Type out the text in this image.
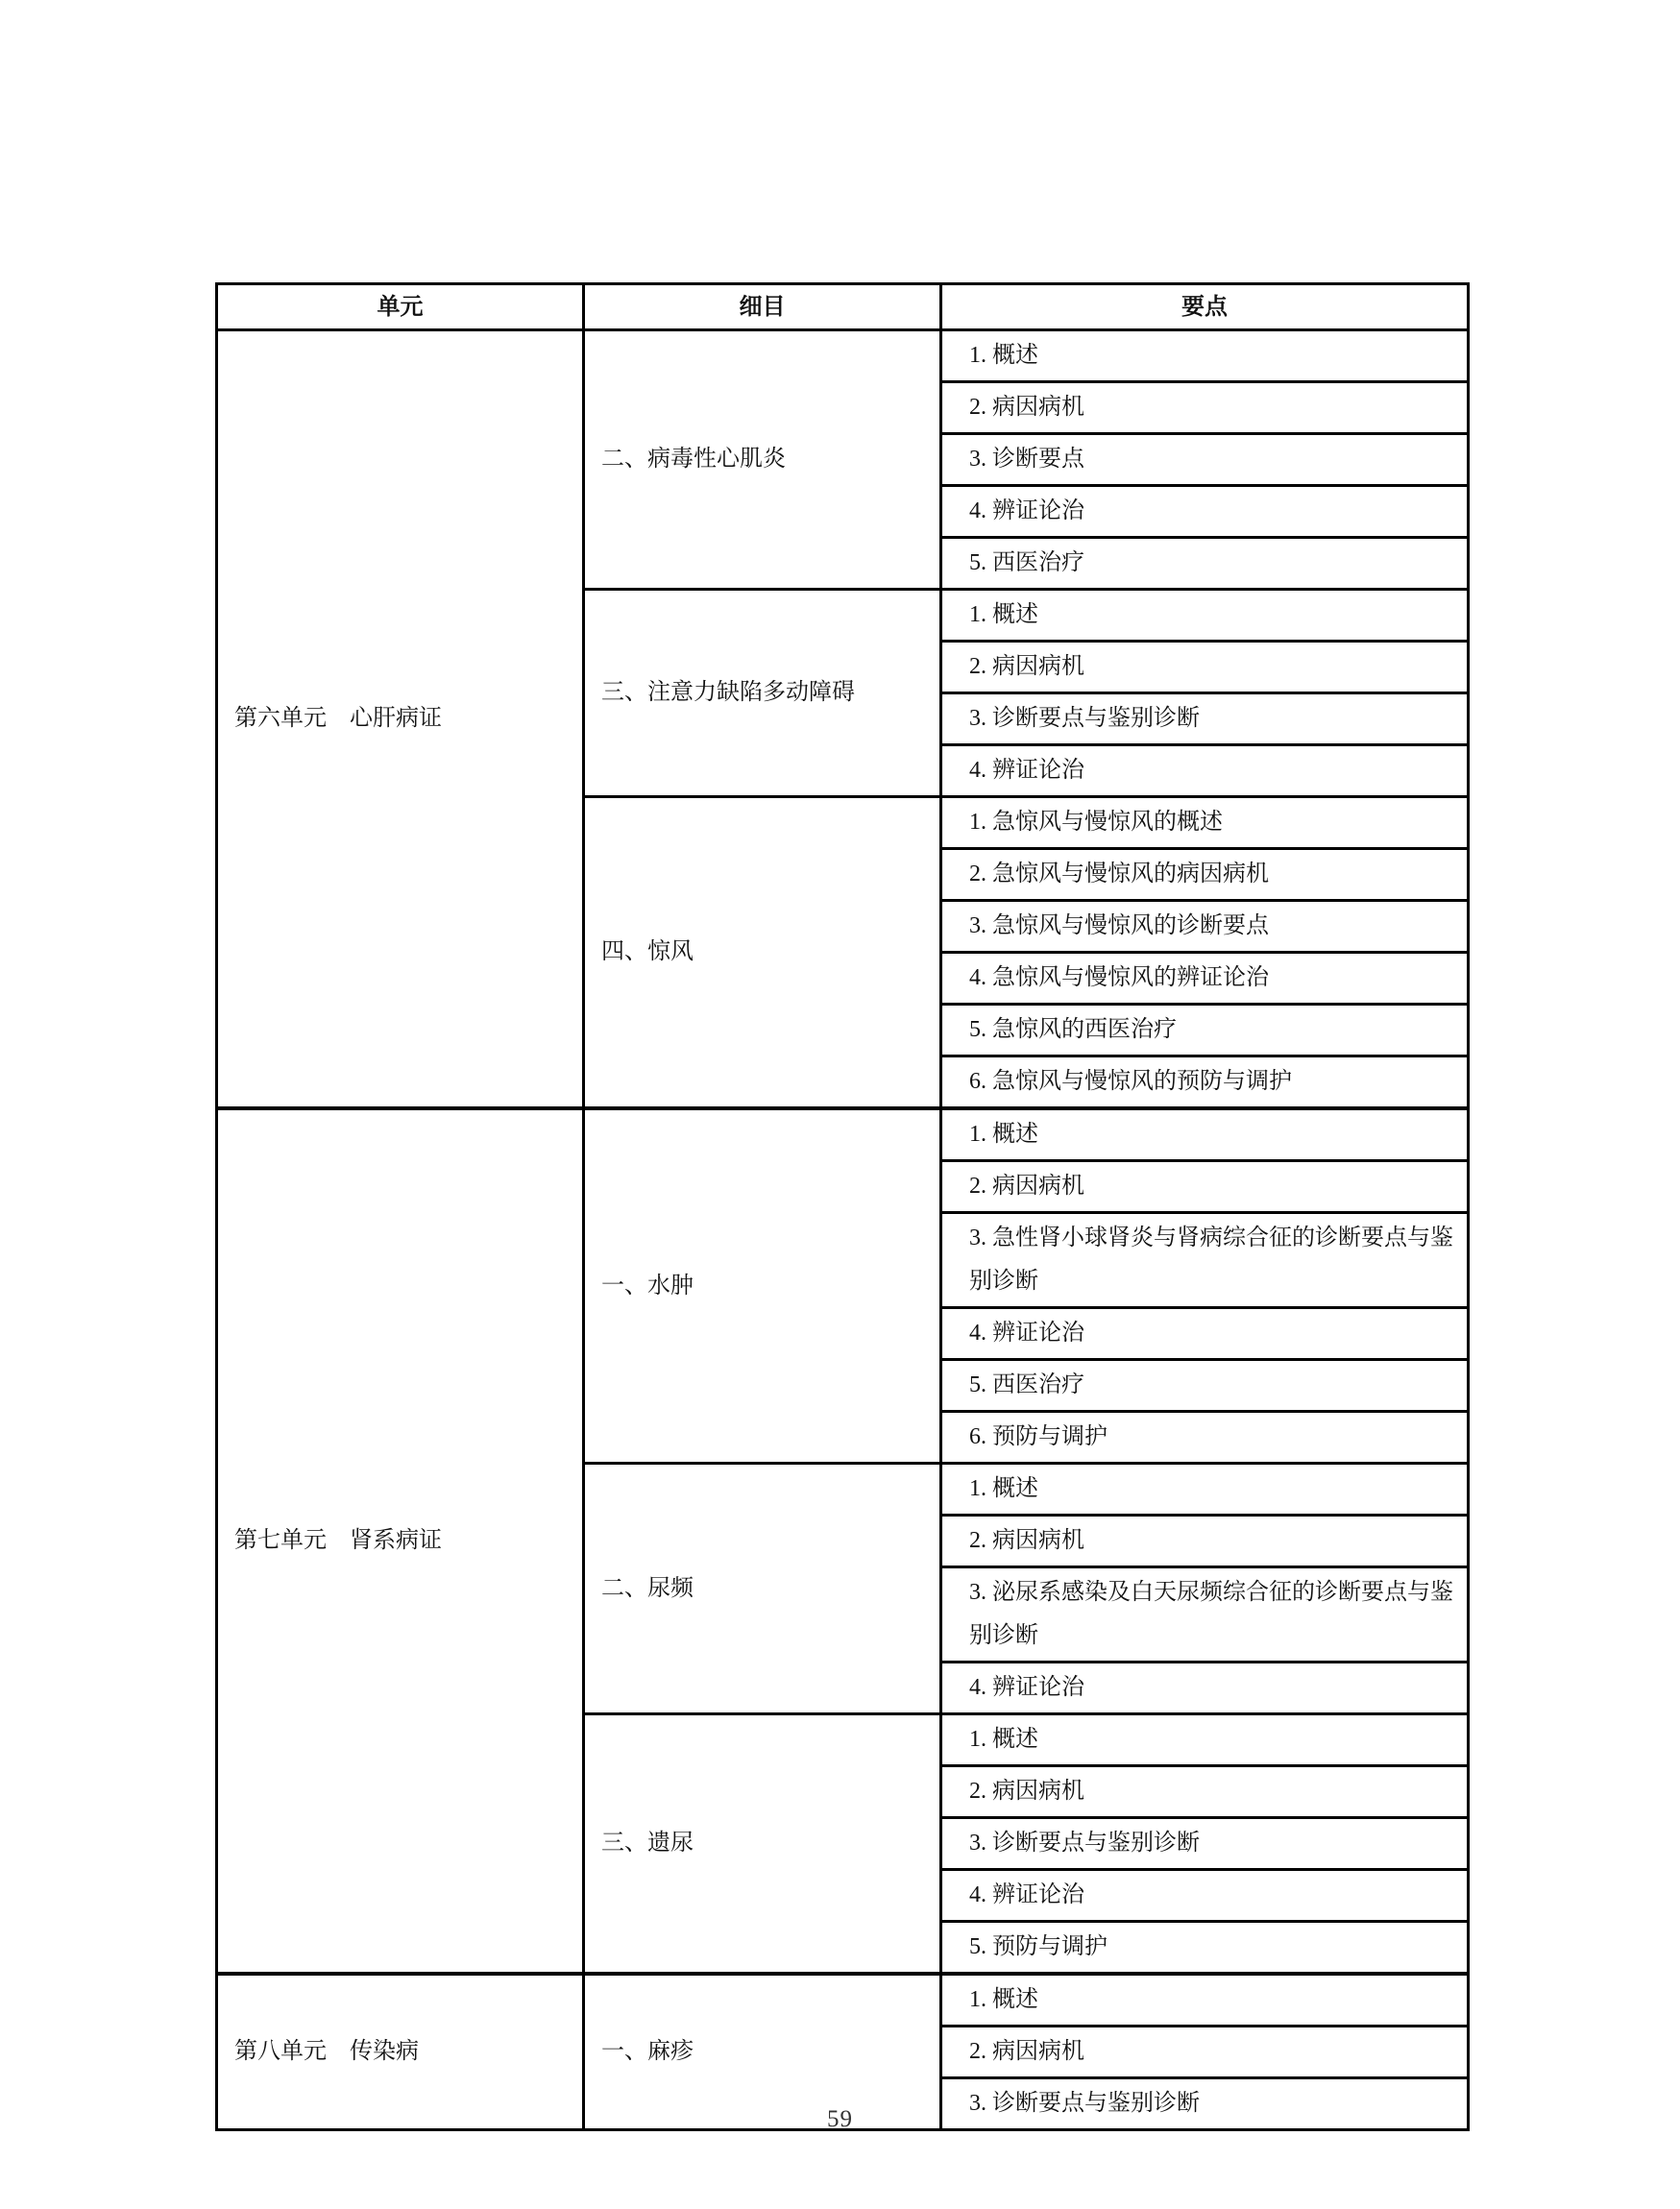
单元	细目	要点
第六单元　心肝病证	二、病毒性心肌炎	1. 概述
		2. 病因病机
		3. 诊断要点
		4. 辨证论治
		5. 西医治疗
	三、注意力缺陷多动障碍	1. 概述
		2. 病因病机
		3. 诊断要点与鉴别诊断
		4. 辨证论治
	四、惊风	1. 急惊风与慢惊风的概述
		2. 急惊风与慢惊风的病因病机
		3. 急惊风与慢惊风的诊断要点
		4. 急惊风与慢惊风的辨证论治
		5. 急惊风的西医治疗
		6. 急惊风与慢惊风的预防与调护
第七单元　肾系病证	一、水肿	1. 概述
		2. 病因病机
		3. 急性肾小球肾炎与肾病综合征的诊断要点与鉴别诊断
		4. 辨证论治
		5. 西医治疗
		6. 预防与调护
	二、尿频	1. 概述
		2. 病因病机
		3. 泌尿系感染及白天尿频综合征的诊断要点与鉴别诊断
		4. 辨证论治
	三、遗尿	1. 概述
		2. 病因病机
		3. 诊断要点与鉴别诊断
		4. 辨证论治
		5. 预防与调护
第八单元　传染病	一、麻疹	1. 概述
		2. 病因病机
		3. 诊断要点与鉴别诊断
59
